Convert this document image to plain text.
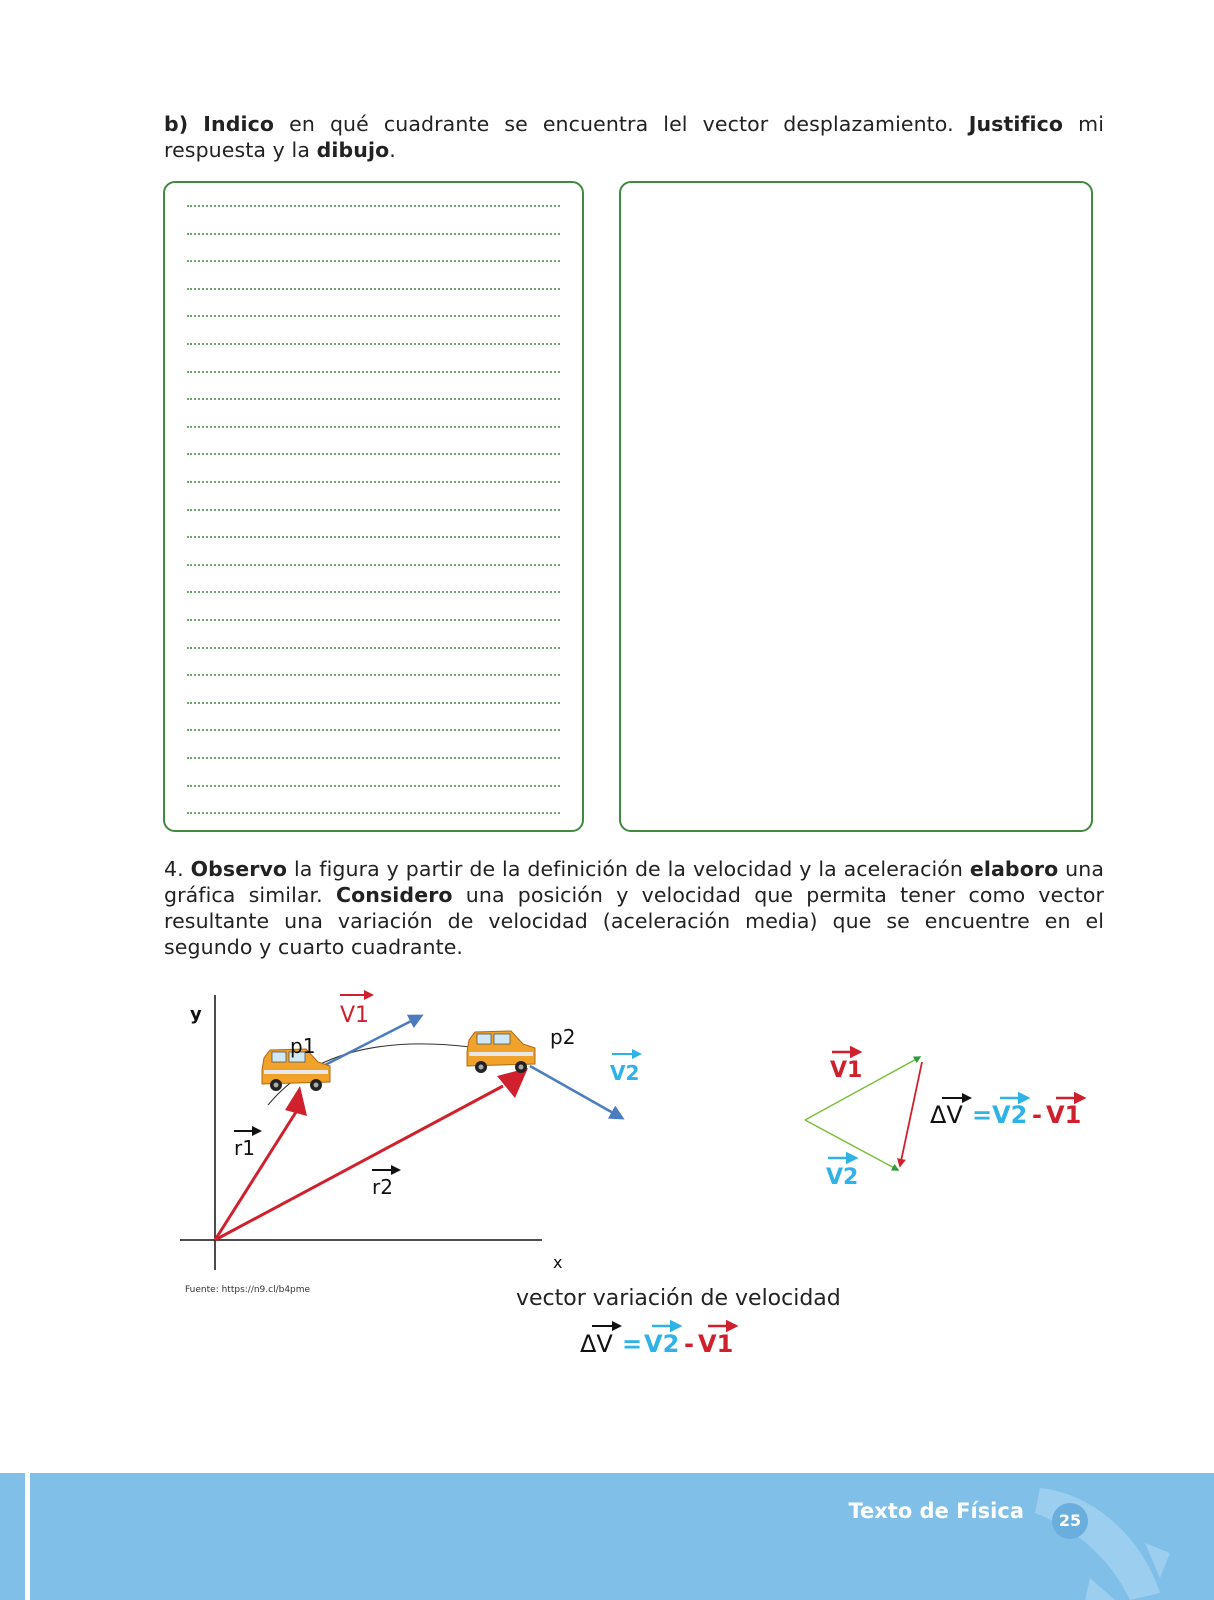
b) Indico en qué cuadrante se encuentra lel vector desplazamiento. Justifico mi respuesta y la dibujo.
4. Observo la figura y partir de la definición de la velocidad y la aceleración elaboro una gráfica similar. Considero una posición y velocidad que permita tener como vector resultante una variación de velocidad (aceleración media) que se encuentre en el segundo y cuarto cuadrante.
y
x
p1	p2
V1
V2
r1
r2
V1
V2
ΔV = V2 - V1
ΔV = V2 - V1
Fuente: https://n9.cl/b4pme	vector variación de velocidad
Texto de Física	25
